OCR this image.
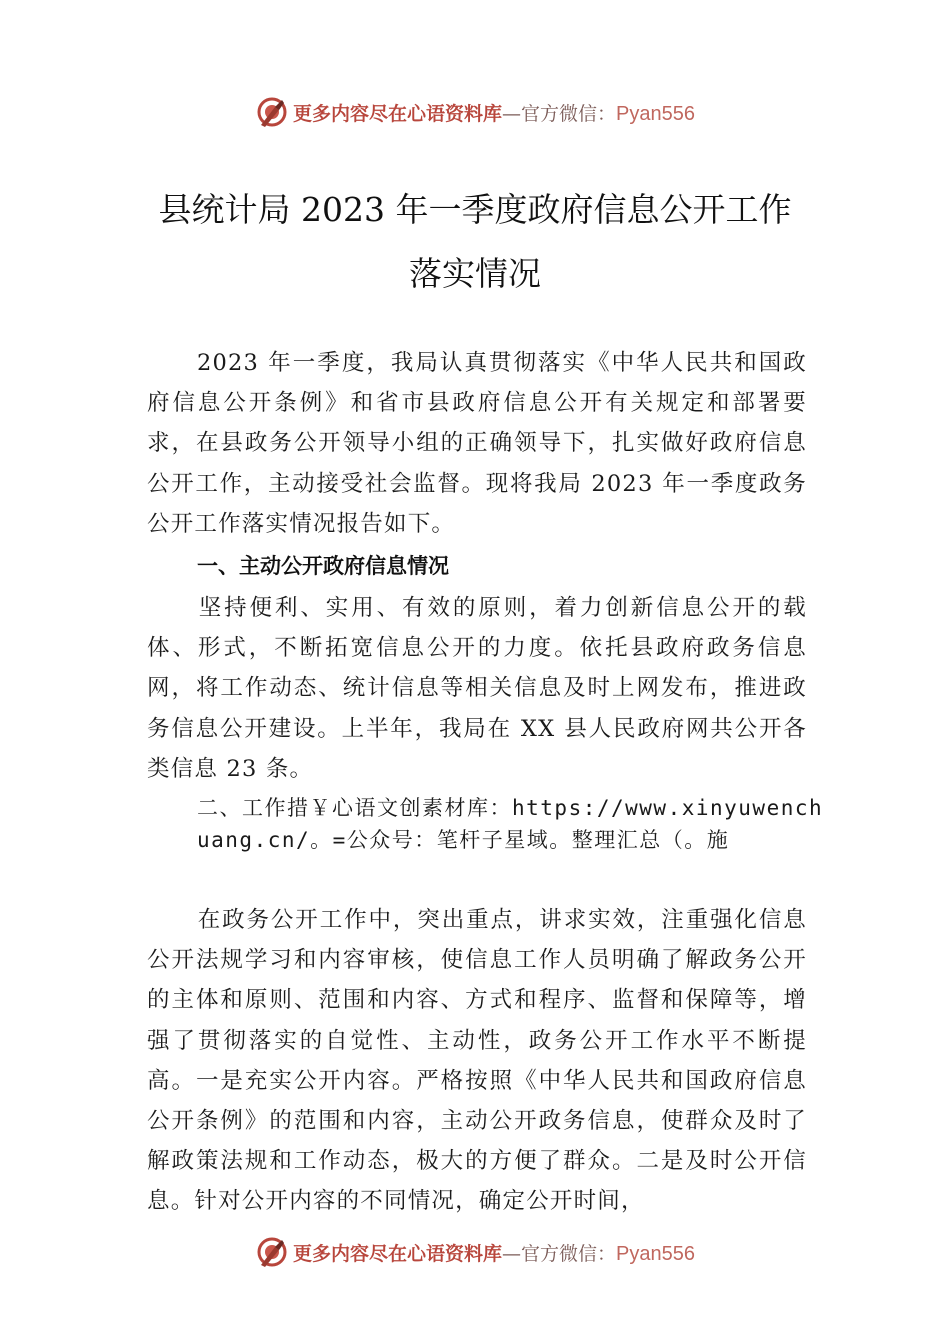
更多内容尽在心语资料库—官方微信：Pyan556
县统计局 2023 年一季度政府信息公开工作
落实情况
2023 年一季度，我局认真贯彻落实《中华人民共和国政府信息公开条例》和省市县政府信息公开有关规定和部署要求，在县政务公开领导小组的正确领导下，扎实做好政府信息公开工作，主动接受社会监督。现将我局 2023 年一季度政务公开工作落实情况报告如下。
一、主动公开政府信息情况
坚持便利、实用、有效的原则，着力创新信息公开的载体、形式，不断拓宽信息公开的力度。依托县政府政务信息网，将工作动态、统计信息等相关信息及时上网发布，推进政务信息公开建设。上半年，我局在 XX 县人民政府网共公开各类信息 23 条。
二、工作措￥心语文创素材库：https://www.xinyuwenchuang.cn/。=公众号：笔杆子星域。整理汇总（。施
在政务公开工作中，突出重点，讲求实效，注重强化信息公开法规学习和内容审核，使信息工作人员明确了解政务公开的主体和原则、范围和内容、方式和程序、监督和保障等，增强了贯彻落实的自觉性、主动性，政务公开工作水平不断提高。一是充实公开内容。严格按照《中华人民共和国政府信息公开条例》的范围和内容，主动公开政务信息，使群众及时了解政策法规和工作动态，极大的方便了群众。二是及时公开信息。针对公开内容的不同情况，确定公开时间，
更多内容尽在心语资料库—官方微信：Pyan556
